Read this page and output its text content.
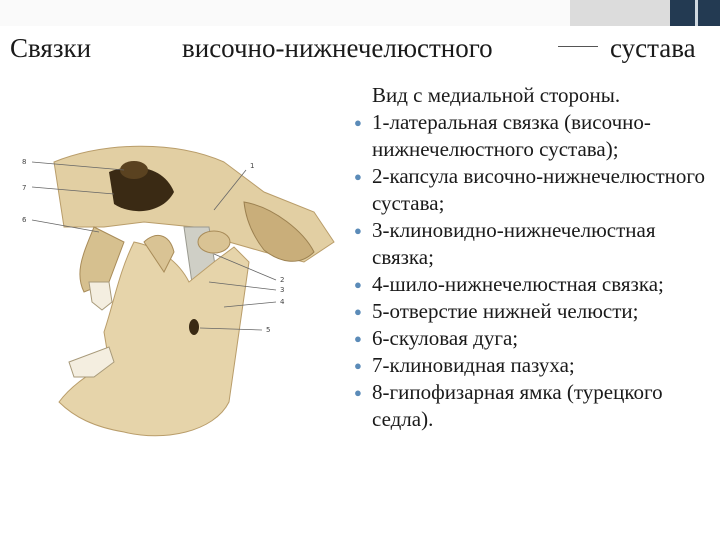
Связки	височно-нижнечелюстного	сустава
8
7
6
1
2
3
4
5

Вид с медиальной стороны.

● 1-латеральная связка (височно-нижнечелюстного сустава);
● 2-капсула височно-нижнечелюстного сустава;
● 3-клиновидно-нижнечелюстная связка;
● 4-шило-нижнечелюстная связка;
● 5-отверстие нижней челюсти;
● 6-скуловая дуга;
● 7-клиновидная пазуха;
● 8-гипофизарная ямка (турецкого седла).
